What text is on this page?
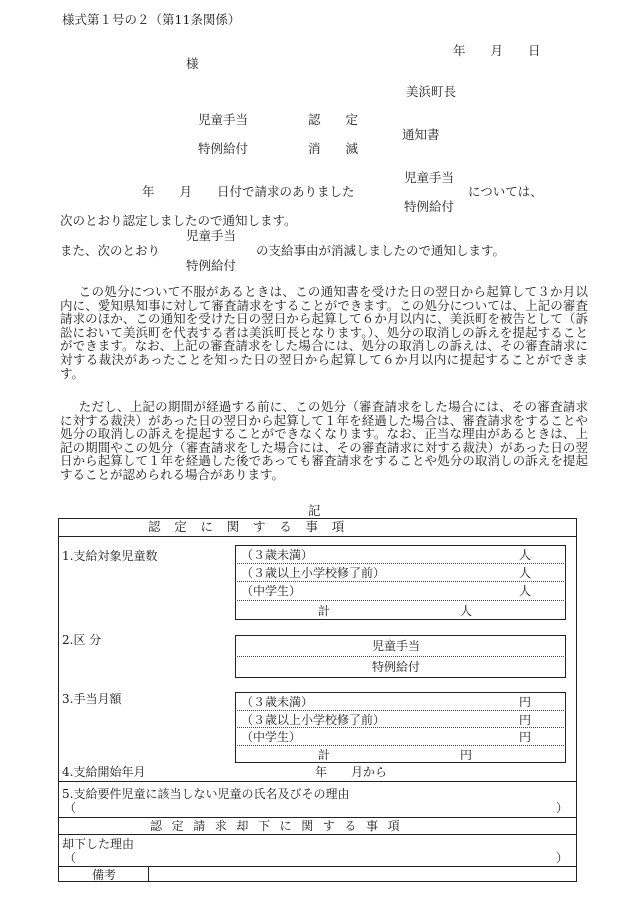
様式第１号の２（第11条関係）
年　　月　　日
様
美浜町長
児童手当	認　　定
通知書
特例給付	消　　滅
児童手当
年　　月　　日付で請求のありました	については、
特例給付
次のとおり認定しましたので通知します。
児童手当
また、次のとおり	の支給事由が消滅しましたので通知します。
特例給付

この処分について不服があるときは、この通知書を受けた日の翌日から起算して３か月以内に、愛知県知事に対して審査請求をすることができます。この処分については、上記の審査請求のほか、この通知を受けた日の翌日から起算して６か月以内に、美浜町を被告として（訴訟において美浜町を代表する者は美浜町長となります。）、処分の取消しの訴えを提起することができます。なお、上記の審査請求をした場合には、処分の取消しの訴えは、その審査請求に対する裁決があったことを知った日の翌日から起算して６か月以内に提起することができます。

ただし、上記の期間が経過する前に、この処分（審査請求をした場合には、その審査請求に対する裁決）があった日の翌日から起算して１年を経過した場合は、審査請求をすることや処分の取消しの訴えを提起することができなくなります。なお、正当な理由があるときは、上記の期間やこの処分（審査請求をした場合には、その審査請求に対する裁決）があった日の翌日から起算して１年を経過した後であっても審査請求をすることや処分の取消しの訴えを提起することが認められる場合があります。

記
認定に関する事項
1.支給対象児童数	（３歳未満）	人
（３歳以上小学校修了前）	人
（中学生）	人
計	人
2.区 分	児童手当
特例給付
3.手当月額	（３歳未満）	円
（３歳以上小学校修了前）	円
（中学生）	円
計	円
4.支給開始年月	年　　月から
5.支給要件児童に該当しない児童の氏名及びその理由
（	）
認定請求却下に関する事項
却下した理由
（	）
備考
